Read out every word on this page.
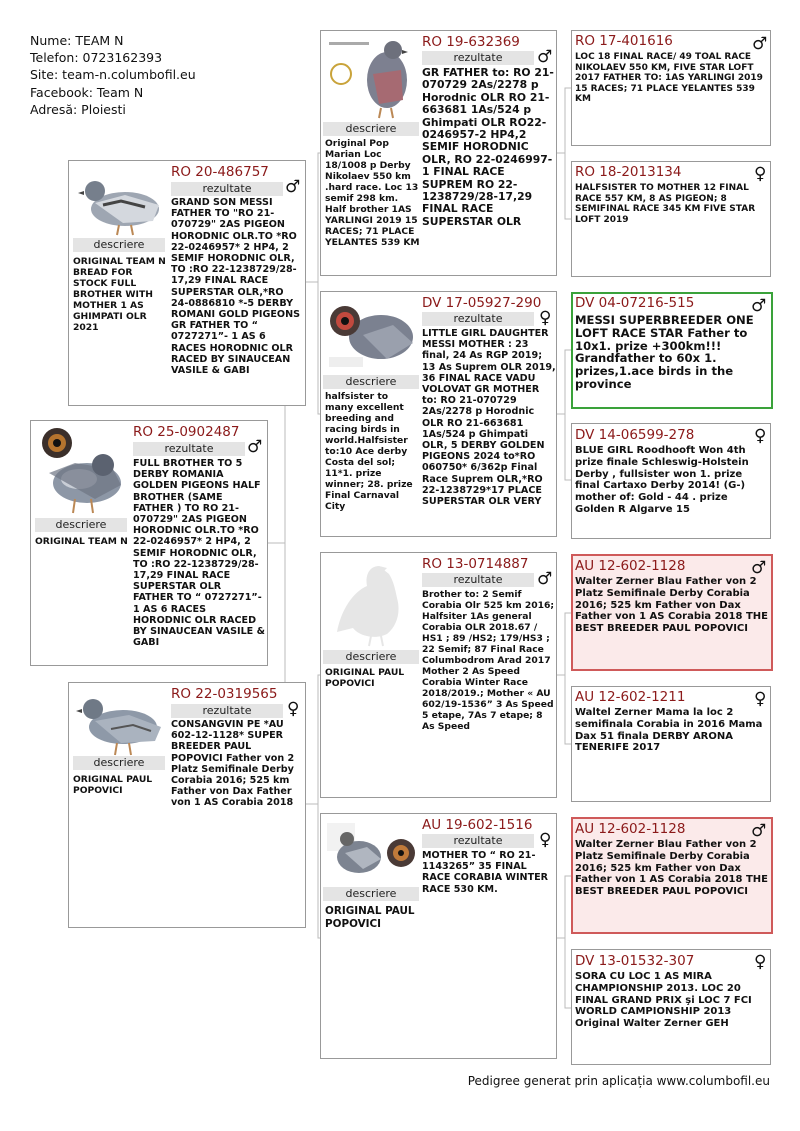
Nume: TEAM N
Telefon: 0723162393
Site: team-n.columbofil.eu
Facebook: Team N
Adresă: Ploiesti
RO 25-0902487
♂
rezultate
descriere
FULL BROTHER TO 5 DERBY ROMANIA GOLDEN PIGEONS HALF BROTHER (SAME FATHER ) TO RO 21-070729" 2AS PIGEON HORODNIC OLR.TO *RO 22-0246957* 2 HP4, 2 SEMIF HORODNIC OLR, TO :RO 22-1238729/28-17,29 FINAL RACE SUPERSTAR OLR FATHER TO “ 0727271”- 1 AS 6 RACES HORODNIC OLR RACED BY SINAUCEAN VASILE & GABI
ORIGINAL TEAM N
RO 20-486757
♂
rezultate
descriere
GRAND SON MESSI FATHER TO "RO 21-070729" 2AS PIGEON HORODNIC OLR.TO *RO 22-0246957* 2 HP4, 2 SEMIF HORODNIC OLR, TO :RO 22-1238729/28-17,29 FINAL RACE SUPERSTAR OLR,*RO 24-0886810 *-5 DERBY ROMANI GOLD PIGEONS GR FATHER TO “ 0727271”- 1 AS 6 RACES HORODNIC OLR RACED BY SINAUCEAN VASILE & GABI
ORIGINAL TEAM N BREAD FOR STOCK FULL BROTHER WITH MOTHER 1 AS GHIMPATI OLR 2021
RO 22-0319565
♀
rezultate
descriere
CONSANGVIN PE *AU 602-12-1128* SUPER BREEDER PAUL POPOVICI Father von 2 Platz Semifinale Derby Corabia 2016; 525 km Father von Dax Father von 1 AS Corabia 2018
ORIGINAL PAUL POPOVICI
RO 19-632369
♂
rezultate
descriere
GR FATHER to: RO 21-070729 2As/2278 p Horodnic OLR RO 21-663681 1As/524 p Ghimpati OLR RO22-0246957-2 HP4,2 SEMIF HORODNIC OLR, RO 22-0246997-1 FINAL RACE SUPREM RO 22-1238729/28-17,29 FINAL RACE SUPERSTAR OLR
Original Pop Marian Loc 18/1008 p Derby Nikolaev 550 km .hard race. Loc 13 semif 298 km. Half brother 1AS YARLINGI 2019 15 RACES; 71 PLACE YELANTES 539 KM
DV 17-05927-290
♀
rezultate
descriere
LITTLE GIRL DAUGHTER MESSI MOTHER : 23 final, 24 As RGP 2019; 13 As Suprem OLR 2019, 36 FINAL RACE VADU VOLOVAT GR MOTHER to: RO 21-070729 2As/2278 p Horodnic OLR RO 21-663681 1As/524 p Ghimpati OLR, 5 DERBY GOLDEN PIGEONS 2024 to*RO 060750* 6/362p Final Race Suprem OLR,*RO 22-1238729*17 PLACE SUPERSTAR OLR VERY
halfsister to many excellent breeding and racing birds in world.Halfsister to:10 Ace derby Costa del sol; 11*1. prize winner; 28. prize Final Carnaval City
RO 13-0714887
♂
rezultate
descriere
Brother to: 2 Semif Corabia Olr 525 km 2016; Halfsiter 1As general Corabia OLR 2018.67 / HS1 ; 89 /HS2; 179/HS3 ; 22 Semif; 87 Final Race Columbodrom Arad 2017 Mother 2 As Speed Corabia Winter Race 2018/2019.; Mother « AU 602/19-1536” 3 As Speed 5 etape, 7As 7 etape; 8 As Speed
ORIGINAL PAUL POPOVICI
AU 19-602-1516
♀
rezultate
descriere
MOTHER TO “ RO 21-1143265” 35 FINAL RACE CORABIA WINTER RACE 530 KM.
ORIGINAL PAUL POPOVICI
RO 17-401616	♂
LOC 18 FINAL RACE/ 49 TOAL RACE NIKOLAEV 550 KM, FIVE STAR LOFT 2017 FATHER TO: 1AS YARLINGI 2019 15 RACES; 71 PLACE YELANTES 539 KM
RO 18-2013134	♀
HALFSISTER TO MOTHER 12 FINAL RACE 557 KM, 8 AS PIGEON; 8 SEMIFINAL RACE 345 KM FIVE STAR LOFT 2019
DV 04-07216-515	♂
MESSI SUPERBREEDER ONE LOFT RACE STAR Father to 10x1. prize +300km!!! Grandfather to 60x 1. prizes,1.ace birds in the province
DV 14-06599-278	♀
BLUE GIRL Roodhooft Won 4th prize finale Schleswig-Holstein Derby , fullsister won 1. prize final Cartaxo Derby 2014! (G-) mother of: Gold - 44 . prize Golden R Algarve 15
AU 12-602-1128	♂
Walter Zerner Blau Father von 2 Platz Semifinale Derby Corabia 2016; 525 km Father von Dax Father von 1 AS Corabia 2018 THE BEST BREEDER PAUL POPOVICI
AU 12-602-1211	♀
Waltel Zerner Mama la loc 2 semifinala Corabia in 2016 Mama Dax 51 finala DERBY ARONA TENERIFE 2017
AU 12-602-1128	♂
Walter Zerner Blau Father von 2 Platz Semifinale Derby Corabia 2016; 525 km Father von Dax Father von 1 AS Corabia 2018 THE BEST BREEDER PAUL POPOVICI
DV 13-01532-307	♀
SORA CU LOC 1 AS MIRA CHAMPIONSHIP 2013. LOC 20 FINAL GRAND PRIX şi LOC 7 FCI WORLD CAMPIONSHIP 2013 Original Walter Zerner GEH
Pedigree generat prin aplicația www.columbofil.eu
